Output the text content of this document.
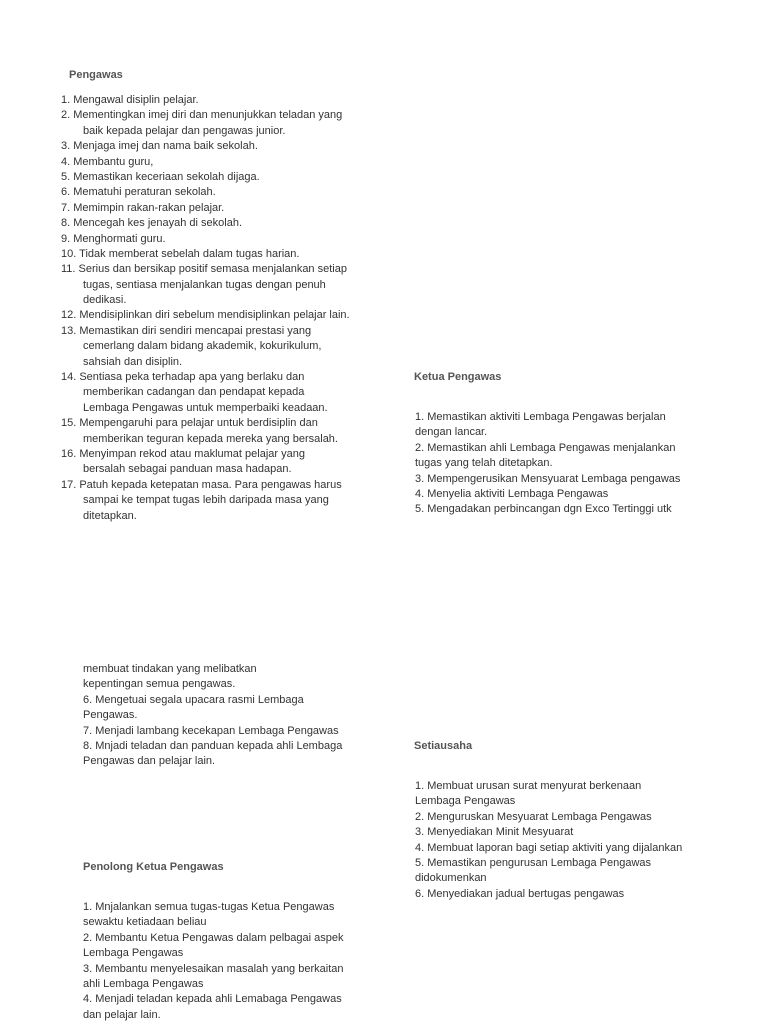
Pengawas
1. Mengawal disiplin pelajar.
2. Mementingkan imej diri dan menunjukkan teladan yang
baik kepada pelajar dan pengawas junior.
3. Menjaga imej dan nama baik sekolah.
4. Membantu guru,
5. Memastikan keceriaan sekolah dijaga.
6. Mematuhi peraturan sekolah.
7. Memimpin rakan-rakan pelajar.
8. Mencegah kes jenayah di sekolah.
9. Menghormati guru.
10. Tidak memberat sebelah dalam tugas harian.
11. Serius dan bersikap positif semasa menjalankan setiap
tugas, sentiasa menjalankan tugas dengan penuh
dedikasi.
12. Mendisiplinkan diri sebelum mendisiplinkan pelajar lain.
13. Memastikan diri sendiri mencapai prestasi yang
cemerlang dalam bidang akademik, kokurikulum,
sahsiah dan disiplin.
14. Sentiasa peka terhadap apa yang berlaku dan
memberikan cadangan dan pendapat kepada
Lembaga Pengawas untuk memperbaiki keadaan.
15. Mempengaruhi para pelajar untuk berdisiplin dan
memberikan teguran kepada mereka yang bersalah.
16. Menyimpan rekod atau maklumat pelajar yang
bersalah sebagai panduan masa hadapan.
17. Patuh kepada ketepatan masa. Para pengawas harus
sampai ke tempat tugas lebih daripada masa yang
ditetapkan.
Ketua Pengawas
1. Memastikan aktiviti Lembaga Pengawas berjalan
dengan lancar.
2. Memastikan ahli Lembaga Pengawas menjalankan
tugas yang telah ditetapkan.
3. Mempengerusikan Mensyuarat Lembaga pengawas
4. Menyelia aktiviti Lembaga Pengawas
5. Mengadakan perbincangan dgn Exco Tertinggi utk
membuat tindakan yang melibatkan
kepentingan semua pengawas.
6. Mengetuai segala upacara rasmi Lembaga
Pengawas.
7. Menjadi lambang kecekapan Lembaga Pengawas
8. Mnjadi teladan dan panduan kepada ahli Lembaga
Pengawas dan pelajar lain.
Setiausaha
1. Membuat urusan surat menyurat berkenaan
Lembaga Pengawas
2. Menguruskan Mesyuarat Lembaga Pengawas
3. Menyediakan Minit Mesyuarat
4. Membuat laporan bagi setiap aktiviti yang dijalankan
5. Memastikan pengurusan Lembaga Pengawas
didokumenkan
6. Menyediakan jadual bertugas pengawas
Penolong Ketua Pengawas
1. Mnjalankan semua tugas-tugas Ketua Pengawas
sewaktu ketiadaan beliau
2. Membantu Ketua Pengawas dalam pelbagai aspek
Lembaga Pengawas
3. Membantu menyelesaikan masalah yang berkaitan
ahli Lembaga Pengawas
4. Menjadi teladan kepada ahli Lemabaga Pengawas
dan pelajar lain.
